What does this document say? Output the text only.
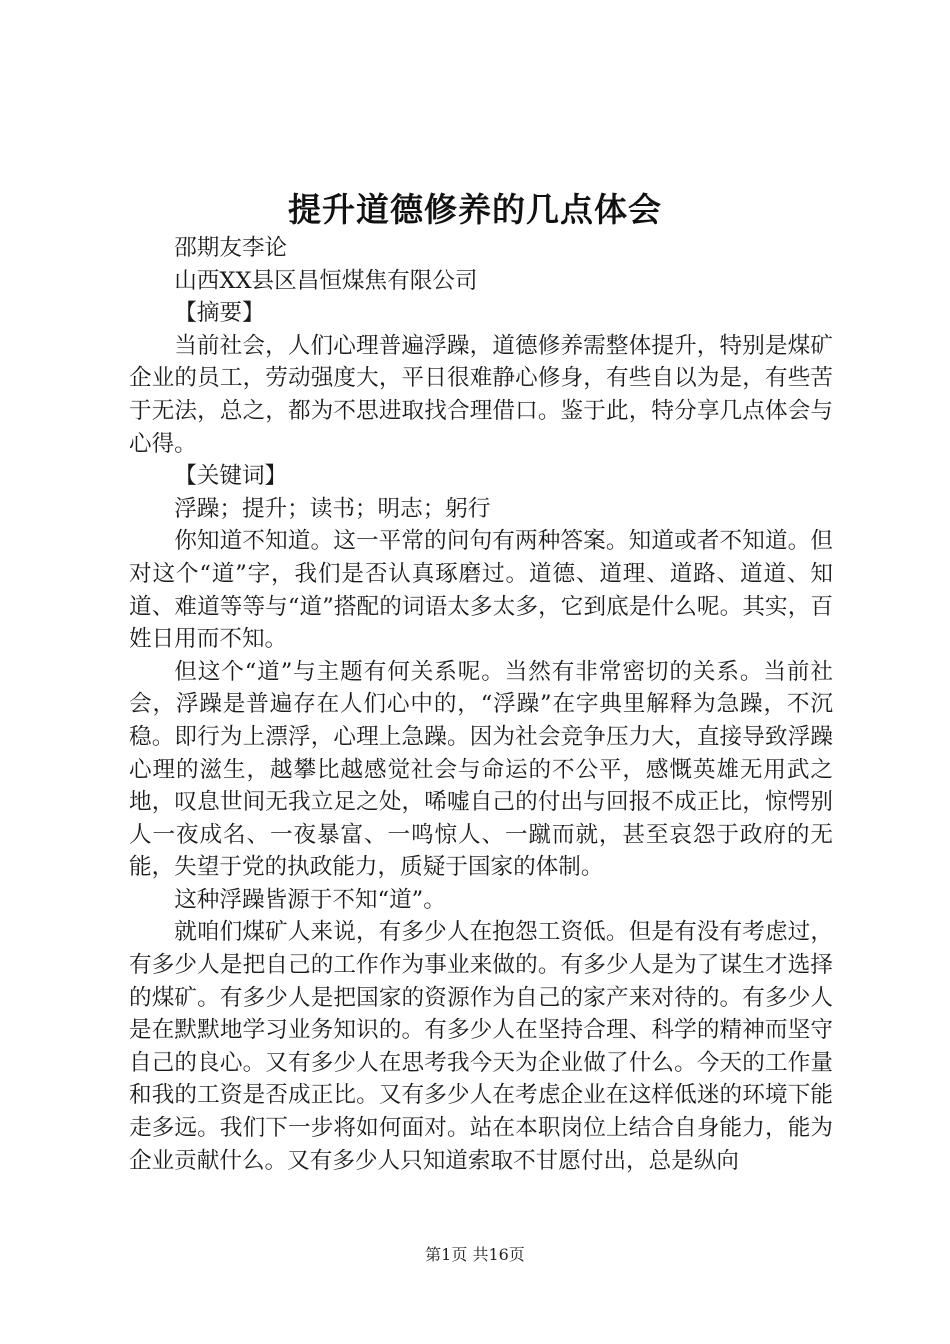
提升道德修养的几点体会

邵期友李论

山西XX县区昌恒煤焦有限公司

【摘要】

当前社会，人们心理普遍浮躁，道德修养需整体提升，特别是煤矿企业的员工，劳动强度大，平日很难静心修身，有些自以为是，有些苦于无法，总之，都为不思进取找合理借口。鉴于此，特分享几点体会与心得。

【关键词】

浮躁；提升；读书；明志；躬行

你知道不知道。这一平常的问句有两种答案。知道或者不知道。但对这个“道”字，我们是否认真琢磨过。道德、道理、道路、道道、知道、难道等等与“道”搭配的词语太多太多，它到底是什么呢。其实，百姓日用而不知。

但这个“道”与主题有何关系呢。当然有非常密切的关系。当前社会，浮躁是普遍存在人们心中的，“浮躁”在字典里解释为急躁，不沉稳。即行为上漂浮，心理上急躁。因为社会竞争压力大，直接导致浮躁心理的滋生，越攀比越感觉社会与命运的不公平，感慨英雄无用武之地，叹息世间无我立足之处，唏嘘自己的付出与回报不成正比，惊愕别人一夜成名、一夜暴富、一鸣惊人、一蹴而就，甚至哀怨于政府的无能，失望于党的执政能力，质疑于国家的体制。

这种浮躁皆源于不知“道”。

就咱们煤矿人来说，有多少人在抱怨工资低。但是有没有考虑过，有多少人是把自己的工作作为事业来做的。有多少人是为了谋生才选择的煤矿。有多少人是把国家的资源作为自己的家产来对待的。有多少人是在默默地学习业务知识的。有多少人在坚持合理、科学的精神而坚守自己的良心。又有多少人在思考我今天为企业做了什么。今天的工作量和我的工资是否成正比。又有多少人在考虑企业在这样低迷的环境下能走多远。我们下一步将如何面对。站在本职岗位上结合自身能力，能为企业贡献什么。又有多少人只知道索取不甘愿付出，总是纵向

第1页 共16页
